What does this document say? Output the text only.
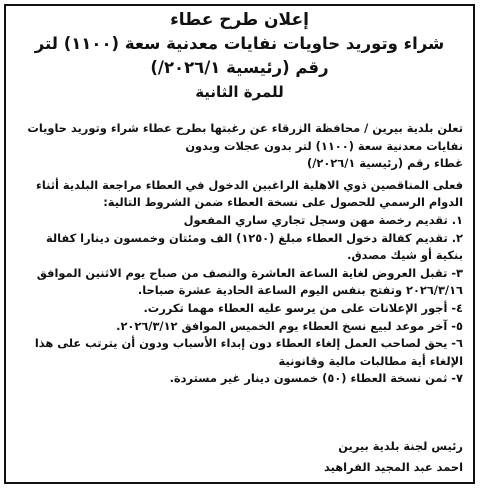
إعلان طرح عطاء
شراء وتوريد حاويات نفايات معدنية سعة (١١٠٠) لتر
رقم (رئيسية ٢٠٢٦/١/)
للمرة الثانية
تعلن بلدية بيرين / محافظة الزرقاء عن رغبتها بطرح عطاء شراء وتوريد حاويات
نفايات معدنية سعة (١١٠٠) لتر بدون عجلات وبدون
غطاء رقم (رئيسية ٢٠٢٦/١/)
فعلى المناقصين ذوي الاهلية الراغبين الدخول في العطاء مراجعة البلدية أثناء
الدوام الرسمي للحصول على نسخة العطاء ضمن الشروط التالية:
١. تقديم رخصة مهن وسجل تجاري ساري المفعول
٢. تقديم كفالة دخول العطاء مبلغ (١٢٥٠) الف ومئتان وخمسون دينارا كفالة
بنكية أو شيك مصدق.
٣- تقبل العروض لغاية الساعة العاشرة والنصف من صباح يوم الاثنين الموافق
٢٠٢٦/٣/١٦ وتفتح بنفس اليوم الساعة الحادية عشرة صباحا.
٤- أجور الإعلانات على من يرسو عليه العطاء مهما تكررت.
٥- آخر موعد لبيع نسخ العطاء يوم الخميس الموافق ٢٠٢٦/٣/١٢.
٦- يحق لصاحب العمل إلغاء العطاء دون إبداء الأسباب ودون أن يترتب على هذا
الإلغاء أية مطالبات مالية وقانونية
٧- ثمن نسخة العطاء (٥٠) خمسون دينار غير مستردة.
رئيس لجنة بلدية بيرين
احمد عبد المجيد الفراهيد
